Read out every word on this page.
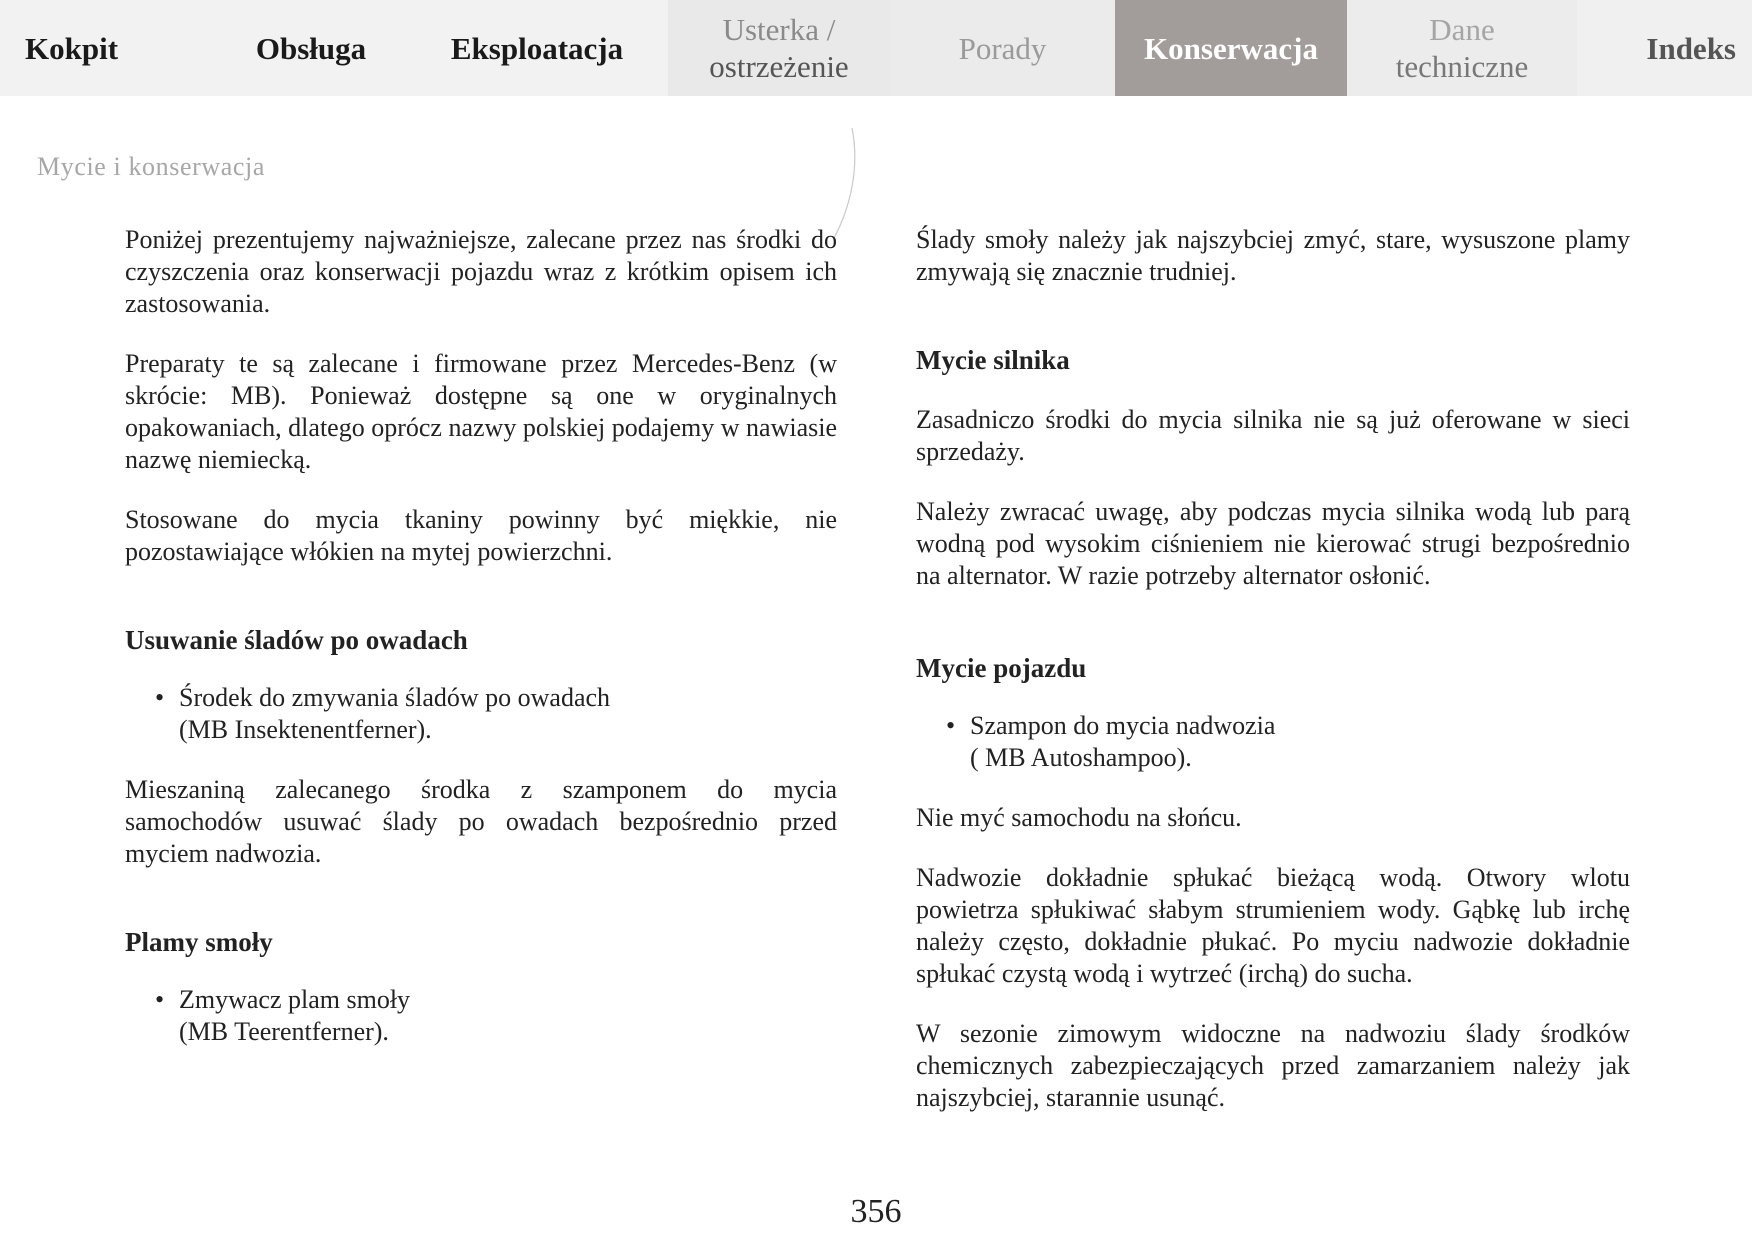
Kokpit	Obsługa	Eksploatacja
Usterka /
ostrzeżenie
Porady	Konserwacja
Dane
techniczne
Indeks
Mycie i konserwacja

Poniżej prezentujemy najważniejsze, zalecane przez nas środki do czyszczenia oraz konserwacji pojazdu wraz z krótkim opisem ich zastosowania.

Preparaty te są zalecane i firmowane przez Mercedes-Benz (w skrócie: MB). Ponieważ dostępne są one w oryginalnych opakowaniach, dlatego oprócz nazwy polskiej podajemy w nawiasie nazwę niemiecką.

Stosowane do mycia tkaniny powinny być miękkie, nie pozostawiające włókien na mytej powierzchni.

Usuwanie śladów po owadach
• Środek do zmywania śladów po owadach
(MB Insektenentferner).

Mieszaniną zalecanego środka z szamponem do mycia samochodów usuwać ślady po owadach bezpośrednio przed myciem nadwozia.

Plamy smoły
• Zmywacz plam smoły
(MB Teerentferner).

Ślady smoły należy jak najszybciej zmyć, stare, wysuszone plamy zmywają się znacznie trudniej.

Mycie silnika

Zasadniczo środki do mycia silnika nie są już oferowane w sieci sprzedaży.

Należy zwracać uwagę, aby podczas mycia silnika wodą lub parą wodną pod wysokim ciśnieniem nie kierować strugi bezpośrednio na alternator. W razie potrzeby alternator osłonić.

Mycie pojazdu
• Szampon do mycia nadwozia
( MB Autoshampoo).

Nie myć samochodu na słońcu.

Nadwozie dokładnie spłukać bieżącą wodą. Otwory wlotu powietrza spłukiwać słabym strumieniem wody. Gąbkę lub irchę należy często, dokładnie płukać. Po myciu nadwozie dokładnie spłukać czystą wodą i wytrzeć (irchą) do sucha.

W sezonie zimowym widoczne na nadwoziu ślady środków chemicznych zabezpieczających przed zamarzaniem należy jak najszybciej, starannie usunąć.

356
